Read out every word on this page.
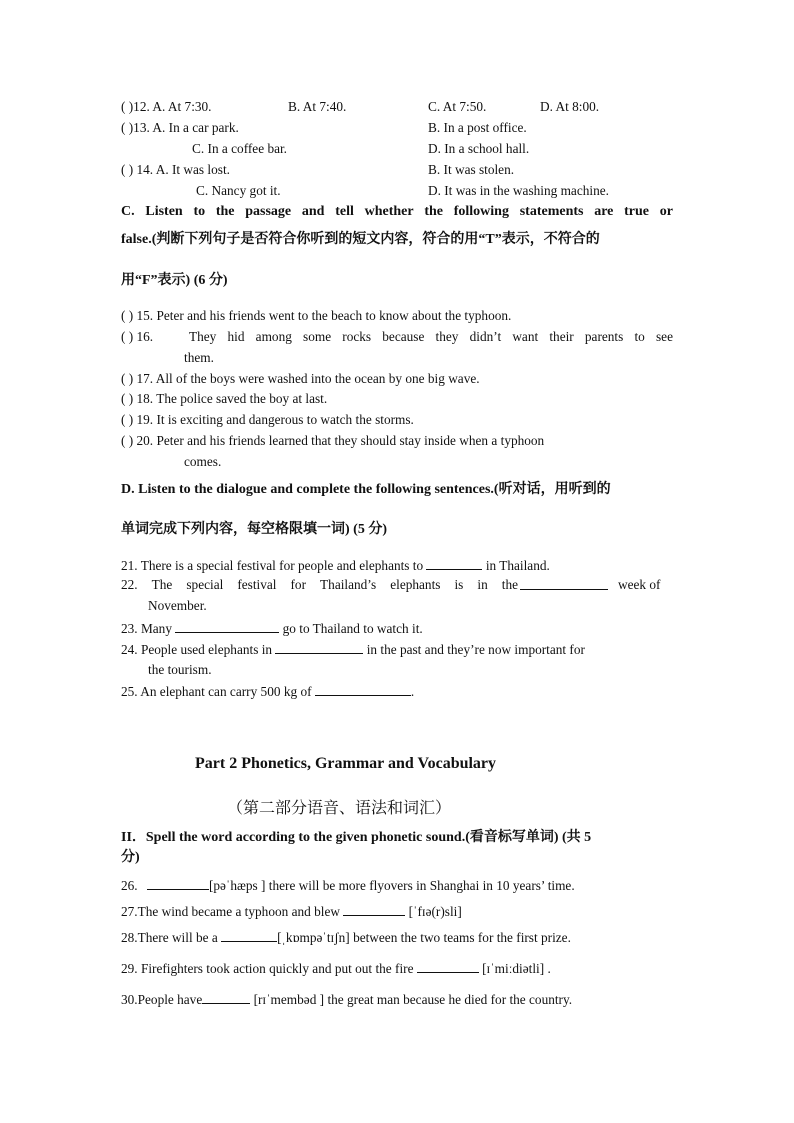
( )12. A. At 7:30.	B. At 7:40.	C. At 7:50.	D. At 8:00.
( )13. A. In a car park.	B. In a post office.
C. In a coffee bar.	D. In a school hall.
( ) 14. A. It was lost.	B. It was stolen.
C. Nancy got it.	D. It was in the washing machine.
C. Listen to the passage and tell whether the following statements are true or
false.(判断下列句子是否符合你听到的短文内容，符合的用“T”表示，不符合的
用“F”表示) (6 分)
( ) 15. Peter and his friends went to the beach to know about the typhoon.
( ) 16.	They hid among some rocks because they didn’t want their parents to see
them.
( ) 17. All of the boys were washed into the ocean by one big wave.
( ) 18. The police saved the boy at last.
( ) 19. It is exciting and dangerous to watch the storms.
( ) 20. Peter and his friends learned that they should stay inside when a typhoon
comes.
D. Listen to the dialogue and complete the following sentences.(听对话，用听到的
单词完成下列内容，每空格限填一词) (5 分)
21. There is a special festival for people and elephants to	in Thailand.
22. The special festival for Thailand’s elephants is in the	week of
November.
23. Many	go to Thailand to watch it.
24. People used elephants in	in the past and they’re now important for
the tourism.
25. An elephant can carry 500 kg of	.
Part 2 Phonetics, Grammar and Vocabulary
（第二部分语音、语法和词汇）
II．Spell the word according to the given phonetic sound.(看音标写单词) (共 5
分)
26.	[pəˈhæps ] there will be more flyovers in Shanghai in 10 years’ time.
27.The wind became a typhoon and blew	[ˈfɪə(r)sli]
28.There will be a	[ˌkɒmpəˈtɪʃn] between the two teams for the first prize.
29. Firefighters took action quickly and put out the fire	[ɪˈmiːdiətli] .
30.People have	[rɪˈmembəd ] the great man because he died for the country.
